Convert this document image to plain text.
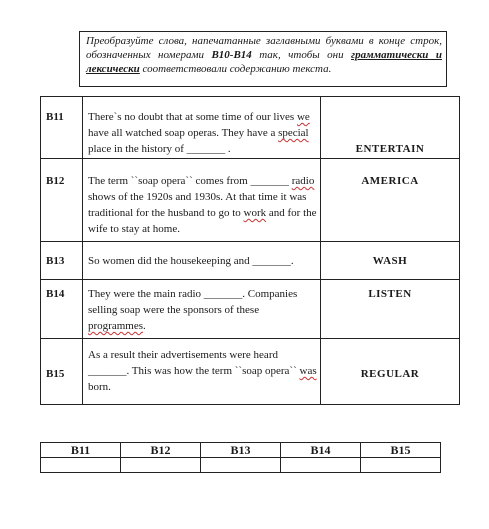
Преобразуйте слова, напечатанные заглавными буквами в конце строк, обозначенных номерами B10-B14 так, чтобы они грамматически и лексически соответствовали содержанию текста.
B11	There`s no doubt that at some time of our lives we have all watched soap operas. They have a special place in the history of _______ .	ENTERTAIN
B12	The term ``soap opera`` comes from _______ radio shows of the 1920s and 1930s. At that time it was traditional for the husband to go to work and for the wife to stay at home.	AMERICA
B13	So women did the housekeeping and _______.	WASH
B14	They were the main radio _______. Companies selling soap were the sponsors of these programmes.	LISTEN
B15	As a result their advertisements were heard _______. This was how the term ``soap opera`` was born.	REGULAR
B11	B12	B13	B14	B15
